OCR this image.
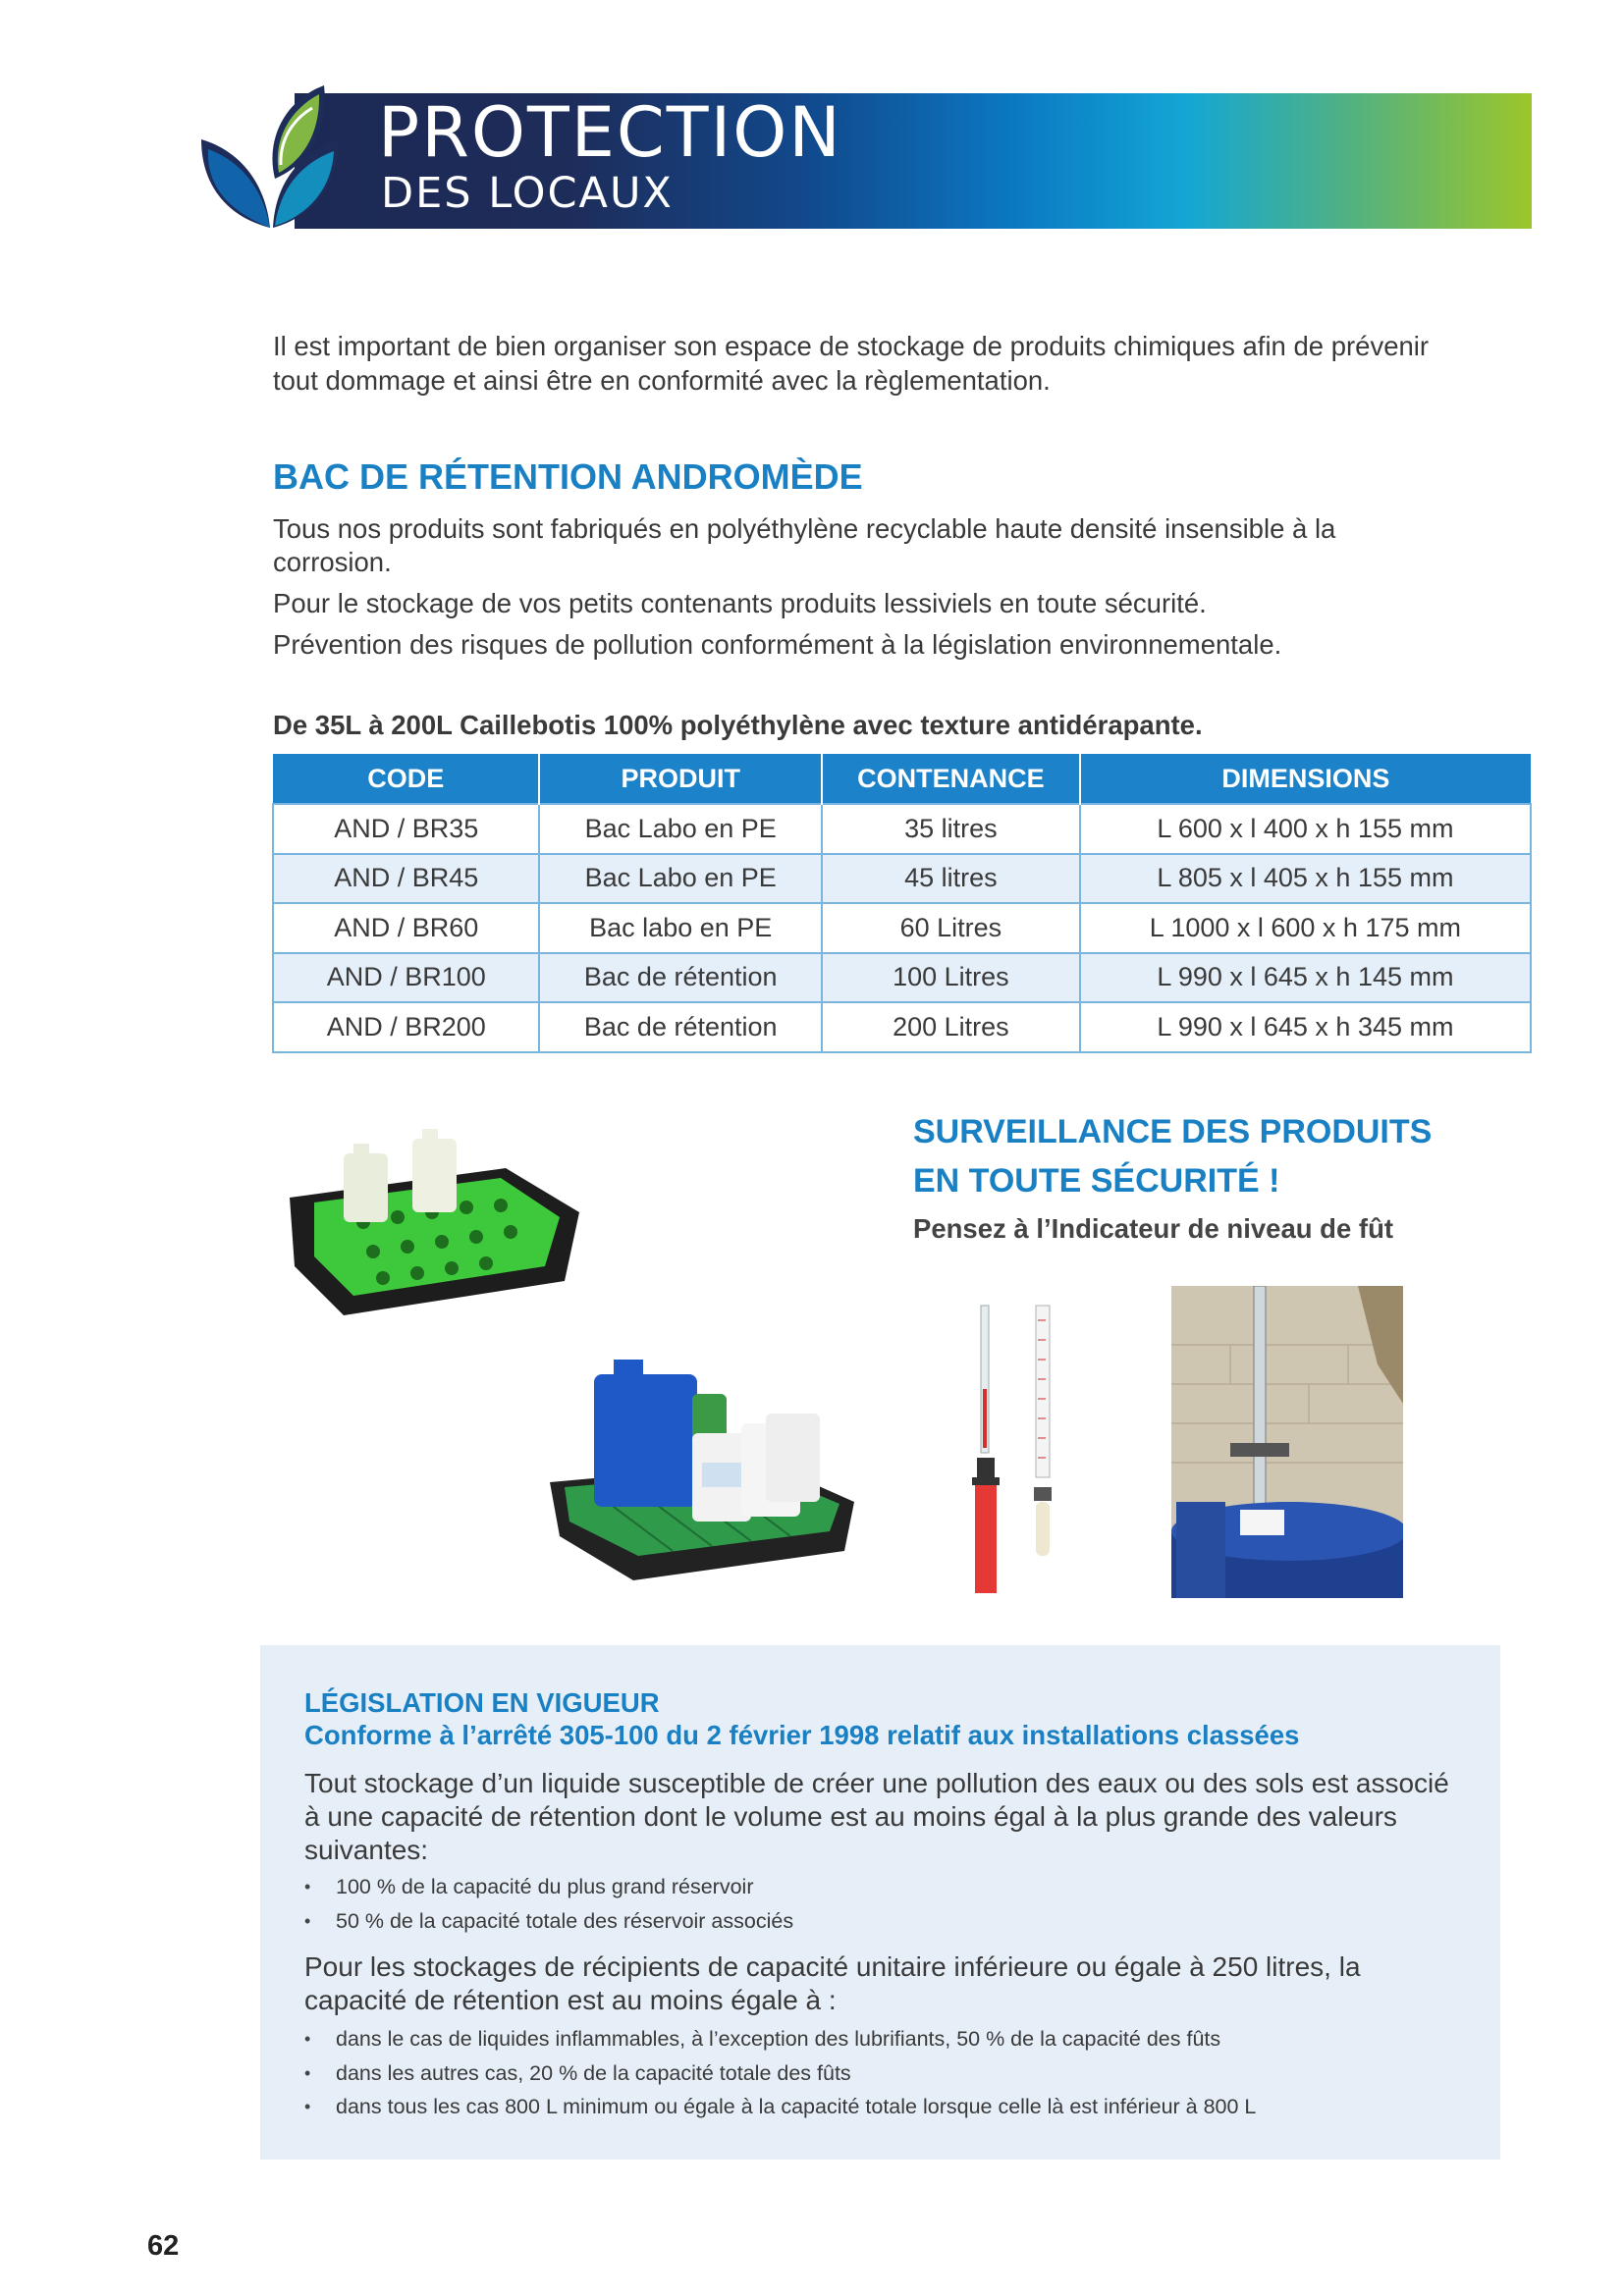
PROTECTION
DES LOCAUX

Il est important de bien organiser son espace de stockage de produits chimiques afin de prévenir tout dommage et ainsi être en conformité avec la règlementation.

BAC DE RÉTENTION ANDROMÈDE

Tous nos produits sont fabriqués en polyéthylène recyclable haute densité insensible à la corrosion.

Pour le stockage de vos petits contenants produits lessiviels en toute sécurité.

Prévention des risques de pollution conformément à la législation environnementale.

De 35L à 200L Caillebotis 100% polyéthylène avec texture antidérapante.
CODE	PRODUIT	CONTENANCE	DIMENSIONS
AND / BR35	Bac Labo en PE	35 litres	L 600 x l 400 x h 155 mm
AND / BR45	Bac Labo en PE	45 litres	L 805 x l 405 x h 155 mm
AND / BR60	Bac labo en PE	60 Litres	L 1000 x l 600 x h 175 mm
AND / BR100	Bac de rétention	100 Litres	L 990 x l 645 x h 145 mm
AND / BR200	Bac de rétention	200 Litres	L 990 x l 645 x h 345 mm
SURVEILLANCE DES PRODUITS
EN TOUTE SÉCURITÉ !
Pensez à l’Indicateur de niveau de fût
LÉGISLATION EN VIGUEUR
Conforme à l’arrêté 305-100 du 2 février 1998 relatif aux installations classées

Tout stockage d’un liquide susceptible de créer une pollution des eaux ou des sols est associé à une capacité de rétention dont le volume est au moins égal à la plus grande des valeurs suivantes:

• 100 % de la capacité du plus grand réservoir
• 50 % de la capacité totale des réservoir associés

Pour les stockages de récipients de capacité unitaire inférieure ou égale à 250 litres, la capacité de rétention est au moins égale à :

• dans le cas de liquides inflammables, à l’exception des lubrifiants, 50 % de la capacité des fûts
• dans les autres cas, 20 % de la capacité totale des fûts
• dans tous les cas 800 L minimum ou égale à la capacité totale lorsque celle là est inférieur à 800 L
62
